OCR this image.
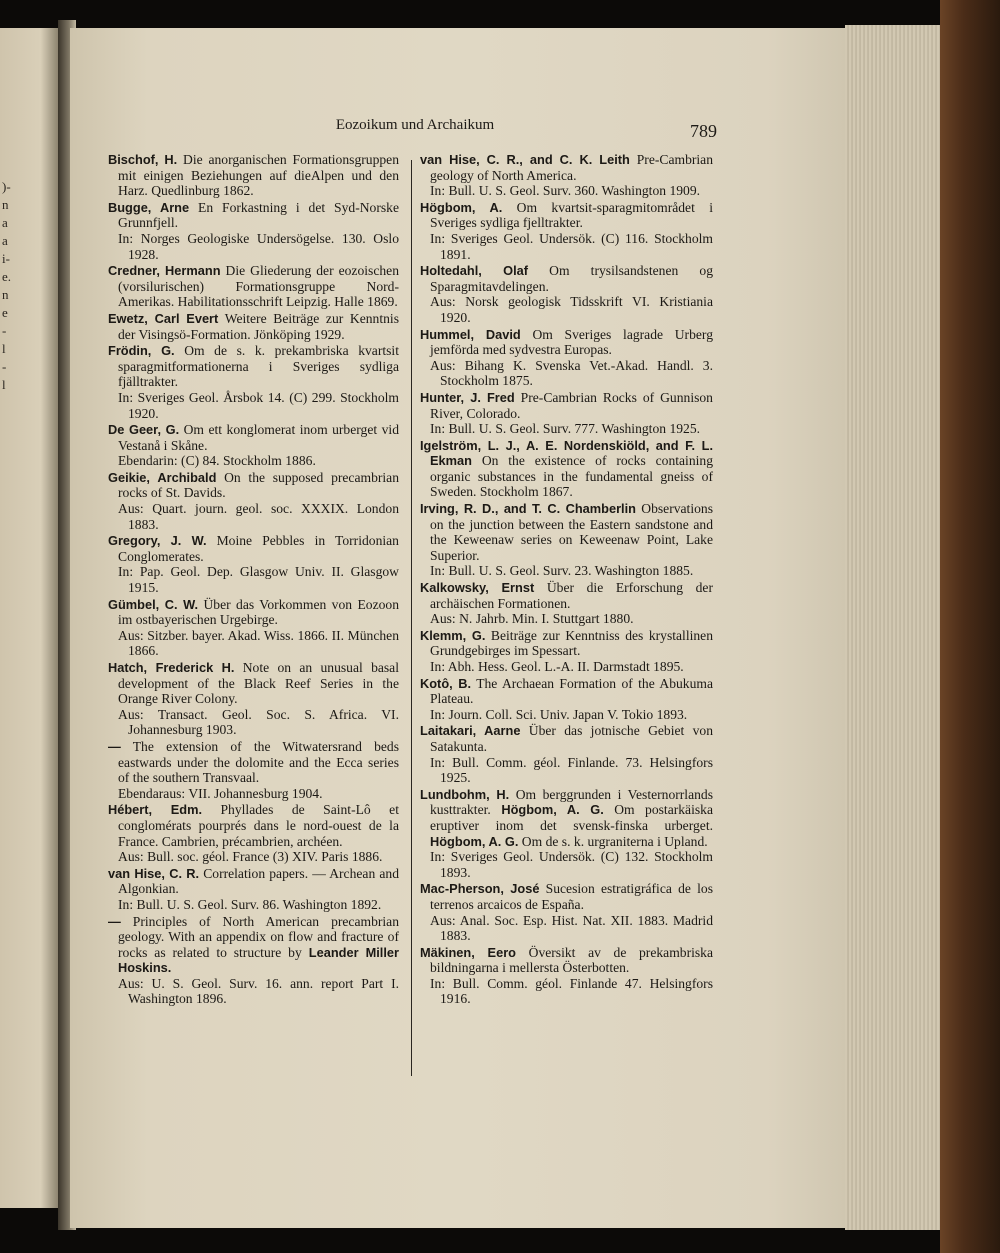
)-
n
a
a
i-
e.
n
e
-
l
-
l
Eozoikum und Archaikum	789

Bischof, H. Die anorganischen Formationsgruppen mit einigen Beziehungen auf dieAlpen und den Harz. Quedlinburg 1862.

Bugge, Arne En Forkastning i det Syd-Norske Grunnfjell.

In: Norges Geologiske Undersögelse. 130. Oslo 1928.

Credner, Hermann Die Gliederung der eozoischen (vorsilurischen) Formationsgruppe Nord-Amerikas. Habilitationsschrift Leipzig. Halle 1869.

Ewetz, Carl Evert Weitere Beiträge zur Kenntnis der Visingsö-Formation. Jönköping 1929.

Frödin, G. Om de s. k. prekambriska kvartsit sparagmitformationerna i Sveriges sydliga fjälltrakter.

In: Sveriges Geol. Årsbok 14. (C) 299. Stockholm 1920.

De Geer, G. Om ett konglomerat inom urberget vid Vestanå i Skåne.

Ebendarin: (C) 84. Stockholm 1886.

Geikie, Archibald On the supposed precambrian rocks of St. Davids.

Aus: Quart. journ. geol. soc. XXXIX. London 1883.

Gregory, J. W. Moine Pebbles in Torridonian Conglomerates.

In: Pap. Geol. Dep. Glasgow Univ. II. Glasgow 1915.

Gümbel, C. W. Über das Vorkommen von Eozoon im ostbayerischen Urgebirge.

Aus: Sitzber. bayer. Akad. Wiss. 1866. II. München 1866.

Hatch, Frederick H. Note on an unusual basal development of the Black Reef Series in the Orange River Colony.

Aus: Transact. Geol. Soc. S. Africa. VI. Johannesburg 1903.

— The extension of the Witwatersrand beds eastwards under the dolomite and the Ecca series of the southern Transvaal.

Ebendaraus: VII. Johannesburg 1904.

Hébert, Edm. Phyllades de Saint-Lô et conglomérats pourprés dans le nord-ouest de la France. Cambrien, précambrien, archéen.

Aus: Bull. soc. géol. France (3) XIV. Paris 1886.

van Hise, C. R. Correlation papers. — Archean and Algonkian.

In: Bull. U. S. Geol. Surv. 86. Washington 1892.

— Principles of North American precambrian geology. With an appendix on flow and fracture of rocks as related to structure by Leander Miller Hoskins.

Aus: U. S. Geol. Surv. 16. ann. report Part I. Washington 1896.

van Hise, C. R., and C. K. Leith Pre-Cambrian geology of North America.

In: Bull. U. S. Geol. Surv. 360. Washington 1909.

Högbom, A. Om kvartsit-sparagmitområdet i Sveriges sydliga fjelltrakter.

In: Sveriges Geol. Undersök. (C) 116. Stockholm 1891.

Holtedahl, Olaf Om trysilsandstenen og Sparagmitavdelingen.

Aus: Norsk geologisk Tidsskrift VI. Kristiania 1920.

Hummel, David Om Sveriges lagrade Urberg jemförda med sydvestra Europas.

Aus: Bihang K. Svenska Vet.-Akad. Handl. 3. Stockholm 1875.

Hunter, J. Fred Pre-Cambrian Rocks of Gunnison River, Colorado.

In: Bull. U. S. Geol. Surv. 777. Washington 1925.

Igelström, L. J., A. E. Nordenskiöld, and F. L. Ekman On the existence of rocks containing organic substances in the fundamental gneiss of Sweden. Stockholm 1867.

Irving, R. D., and T. C. Chamberlin Observations on the junction between the Eastern sandstone and the Keweenaw series on Keweenaw Point, Lake Superior.

In: Bull. U. S. Geol. Surv. 23. Washington 1885.

Kalkowsky, Ernst Über die Erforschung der archäischen Formationen.

Aus: N. Jahrb. Min. I. Stuttgart 1880.

Klemm, G. Beiträge zur Kenntniss des krystallinen Grundgebirges im Spessart.

In: Abh. Hess. Geol. L.-A. II. Darmstadt 1895.

Kotô, B. The Archaean Formation of the Abukuma Plateau.

In: Journ. Coll. Sci. Univ. Japan V. Tokio 1893.

Laitakari, Aarne Über das jotnische Gebiet von Satakunta.

In: Bull. Comm. géol. Finlande. 73. Helsingfors 1925.

Lundbohm, H. Om berggrunden i Vesternorrlands kusttrakter. Högbom, A. G. Om postarkäiska eruptiver inom det svensk-finska urberget. Högbom, A. G. Om de s. k. urgraniterna i Upland.

In: Sveriges Geol. Undersök. (C) 132. Stockholm 1893.

Mac-Pherson, José Sucesion estratigráfica de los terrenos arcaicos de España.

Aus: Anal. Soc. Esp. Hist. Nat. XII. 1883. Madrid 1883.

Mäkinen, Eero Översikt av de prekambriska bildningarna i mellersta Österbotten.

In: Bull. Comm. géol. Finlande 47. Helsingfors 1916.
